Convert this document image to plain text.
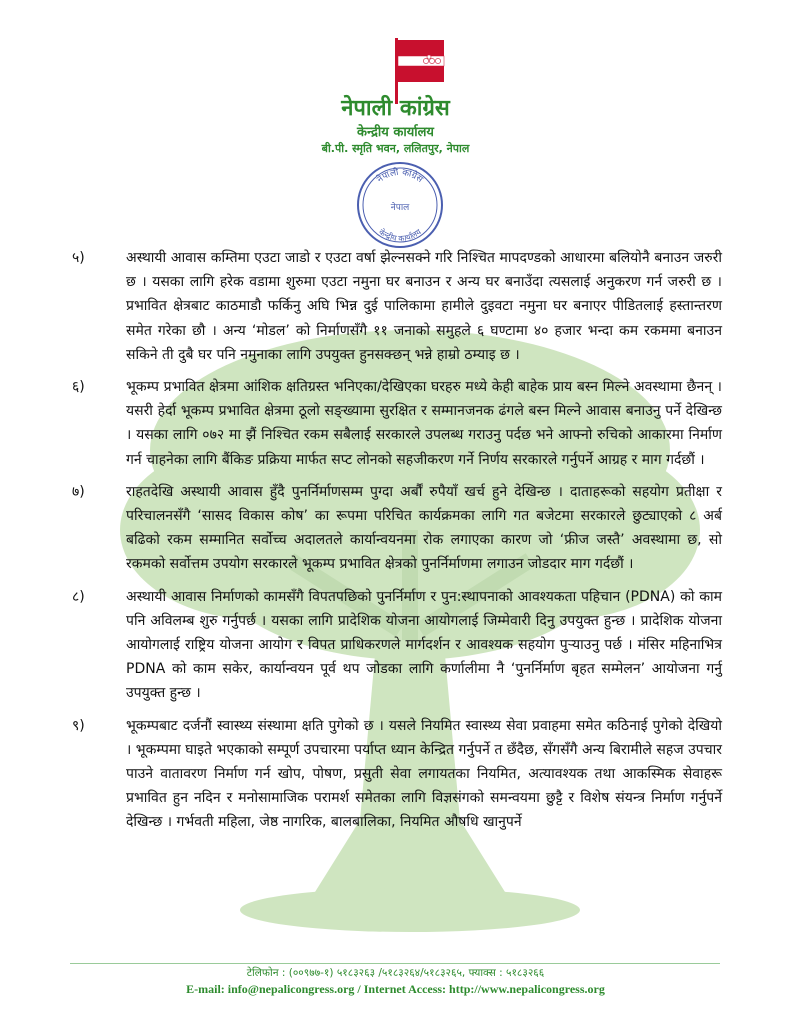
नेपाली कांग्रेस
केन्द्रीय कार्यालय
बी.पी. स्मृति भवन, ललितपुर, नेपाल
नेपाली कांग्रेस
नेपाल
केन्द्रीय कार्यालय
५)	अस्थायी आवास कम्तिमा एउटा जाडो र एउटा वर्षा झेल्नसक्ने गरि निश्चित मापदण्डको आधारमा बलियोनै बनाउन जरुरी छ । यसका लागि हरेक वडामा शुरुमा एउटा नमुना घर बनाउन र अन्य घर बनाउँदा त्यसलाई अनुकरण गर्न जरुरी छ । प्रभावित क्षेत्रबाट काठमाडौ फर्किनु अघि भिन्न दुई पालिकामा हामीले दुइवटा नमुना घर बनाएर पीडितलाई हस्तान्तरण समेत गरेका छौ । अन्य ‘मोडल’ को निर्माणसँगै ११ जनाको समुहले ६ घण्टामा ४० हजार भन्दा कम रकममा बनाउन सकिने ती दुबै घर पनि नमुनाका लागि उपयुक्त हुनसक्छन् भन्ने हाम्रो ठम्याइ छ ।
६)	भूकम्प प्रभावित क्षेत्रमा आंशिक क्षतिग्रस्त भनिएका/देखिएका घरहरु मध्ये केही बाहेक प्राय बस्न मिल्ने अवस्थामा छैनन् । यसरी हेर्दा भूकम्प प्रभावित क्षेत्रमा ठूलो सङ्ख्यामा सुरक्षित र सम्मानजनक ढंगले बस्न मिल्ने आवास बनाउनु पर्ने देखिन्छ । यसका लागि ०७२ मा झैं निश्चित रकम सबैलाई सरकारले उपलब्ध गराउनु पर्दछ भने आफ्नो रुचिको आकारमा निर्माण गर्न चाहनेका लागि बैंकिङ प्रक्रिया मार्फत सप्ट लोनको सहजीकरण गर्ने निर्णय सरकारले गर्नुपर्ने आग्रह र माग गर्दछौं ।
७)	राहतदेखि अस्थायी आवास हुँदै पुनर्निर्माणसम्म पुग्दा अर्बौं रुपैयाँ खर्च हुने देखिन्छ । दाताहरूको सहयोग प्रतीक्षा र परिचालनसँगै ‘सासद विकास कोष’ का रूपमा परिचित कार्यक्रमका लागि गत बजेटमा सरकारले छुट्याएको ८ अर्ब बढिको रकम सम्मानित सर्वोच्च अदालतले कार्यान्वयनमा रोक लगाएका कारण जो ‘फ्रीज जस्तै’ अवस्थामा छ, सो रकमको सर्वोत्तम उपयोग सरकारले भूकम्प प्रभावित क्षेत्रको पुनर्निर्माणमा लगाउन जोडदार माग गर्दछौं ।
८)	अस्थायी आवास निर्माणको कामसँगै विपतपछिको पुनर्निर्माण र पुन:स्थापनाको आवश्यकता पहिचान (PDNA) को काम पनि अविलम्ब शुरु गर्नुपर्छ । यसका लागि प्रादेशिक योजना आयोगलाई जिम्मेवारी दिनु उपयुक्त हुन्छ । प्रादेशिक योजना आयोगलाई राष्ट्रिय योजना आयोग र विपत प्राधिकरणले मार्गदर्शन र आवश्यक सहयोग पुऱ्याउनु पर्छ । मंसिर महिनाभित्र PDNA को काम सकेर, कार्यान्वयन पूर्व थप जोडका लागि कर्णालीमा नै ‘पुनर्निर्माण बृहत सम्मेलन’ आयोजना गर्नु उपयुक्त हुन्छ ।
९)	भूकम्पबाट दर्जनौं स्वास्थ्य संस्थामा क्षति पुगेको छ । यसले नियमित स्वास्थ्य सेवा प्रवाहमा समेत कठिनाई पुगेको देखियो । भूकम्पमा घाइते भएकाको सम्पूर्ण उपचारमा पर्याप्त ध्यान केन्द्रित गर्नुपर्ने त छँदैछ, सँगसँगै अन्य बिरामीले सहज उपचार पाउने वातावरण निर्माण गर्न खोप, पोषण, प्रसुती सेवा लगायतका नियमित, अत्यावश्यक तथा आकस्मिक सेवाहरू प्रभावित हुन नदिन र मनोसामाजिक परामर्श समेतका लागि विज्ञसंगको समन्वयमा छुट्टै र विशेष संयन्त्र निर्माण गर्नुपर्ने देखिन्छ । गर्भवती महिला, जेष्ठ नागरिक, बालबालिका, नियमित औषधि खानुपर्ने
टेलिफोन : (००९७७-१) ५१८३२६३ /५१८३२६४/५१८३२६५, फ्याक्स : ५१८३२६६
E-mail: info@nepalicongress.org / Internet Access: http://www.nepalicongress.org
